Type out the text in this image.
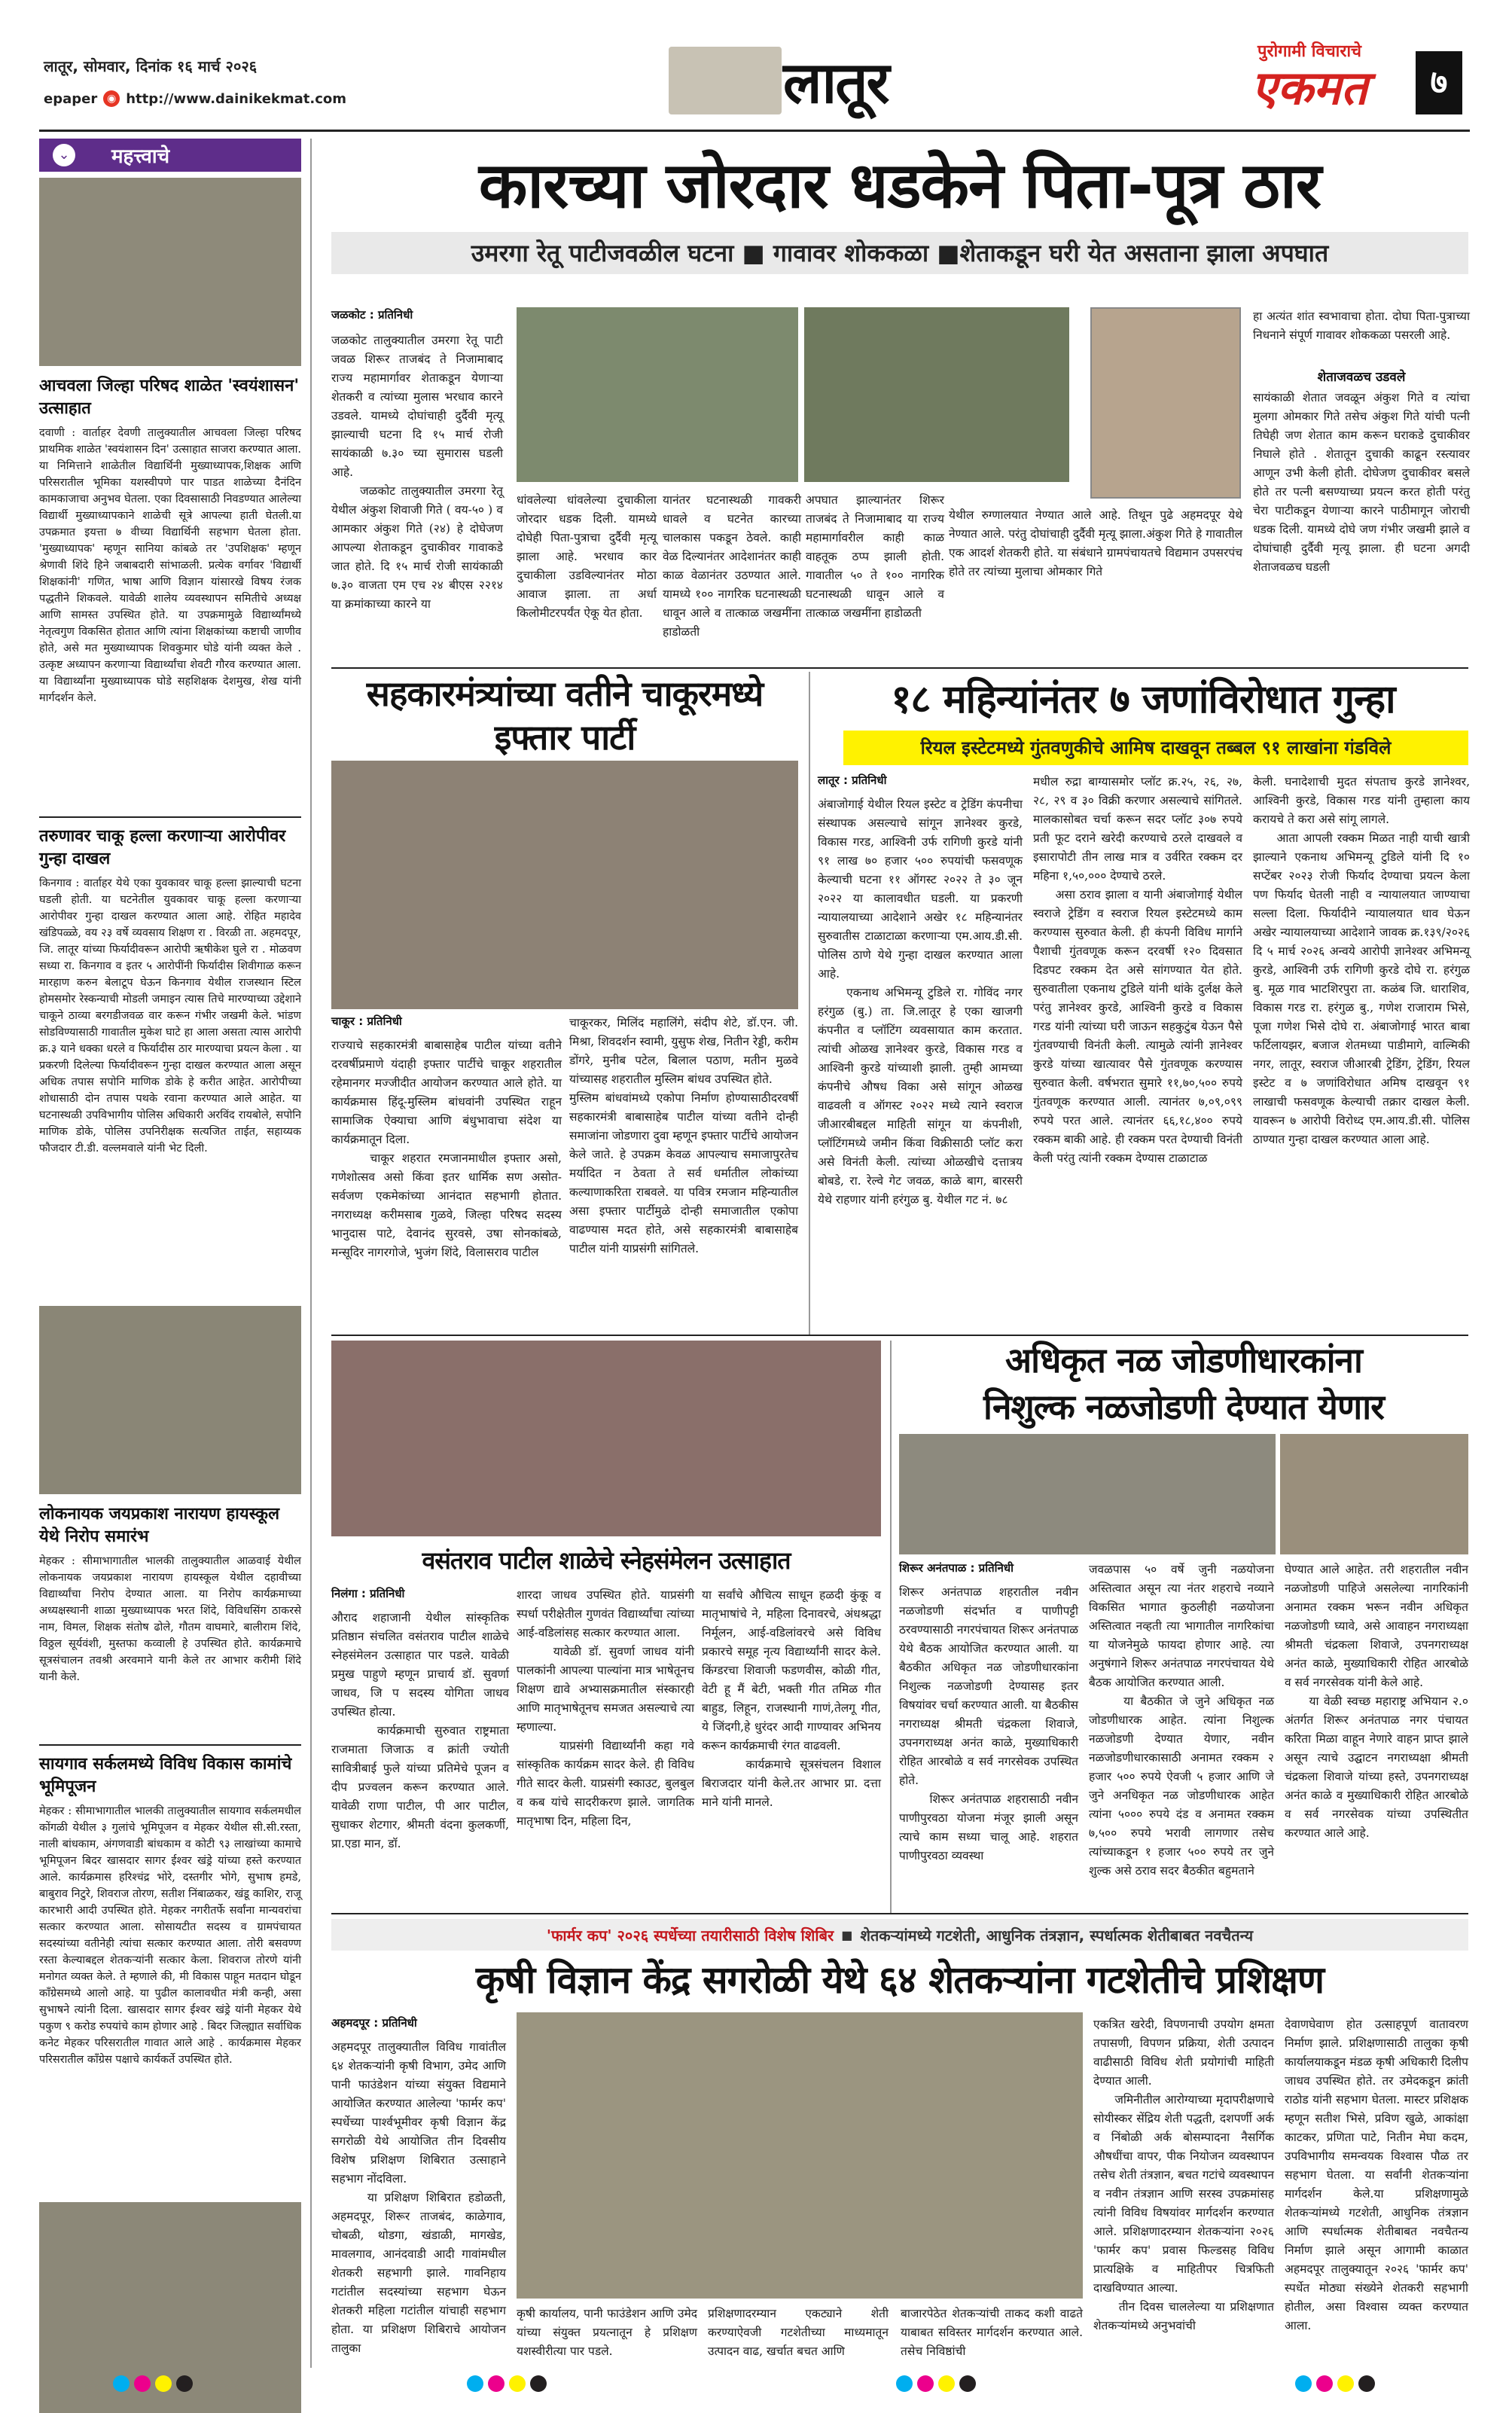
लातूर, सोमवार, दिनांक १६ मार्च २०२६
epaper ◉ http://www.dainikekmat.com	लातूर	पुरोगामी विचाराचे
एकमत	७
⌄ महत्त्वाचे
आचवला जिल्हा परिषद शाळेत 'स्वयंशासन' उत्साहात
दवाणी : वार्ताहर देवणी तालुक्यातील आचवला जिल्हा परिषद प्राथमिक शाळेत 'स्वयंशासन दिन' उत्साहात साजरा करण्यात आला. या निमित्ताने शाळेतील विद्यार्थिनी मुख्याध्यापक,शिक्षक आणि परिसरातील भूमिका यशस्वीपणे पार पाडत शाळेच्या दैनंदिन कामकाजाचा अनुभव घेतला. एका दिवसासाठी निवडण्यात आलेल्या विद्यार्थी मुख्याध्यापकाने शाळेची सूत्रे आपल्या हाती घेतली.या उपक्रमात इयत्ता ७ वीच्या विद्यार्थिनी सहभाग घेतला होता. 'मुख्याध्यापक' म्हणून सानिया कांबळे तर 'उपशिक्षक' म्हणून श्रेणावी शिंदे हिने जबाबदारी सांभाळली. प्रत्येक वर्गावर 'विद्यार्थी शिक्षकांनी' गणित, भाषा आणि विज्ञान यांसारखे विषय रंजक पद्धतीने शिकवले. यावेळी शालेय व्यवस्थापन समितीचे अध्यक्ष आणि सामस्त उपस्थित होते. या उपक्रमामुळे विद्यार्थ्यांमध्ये नेतृत्वगुण विकसित होतात आणि त्यांना शिक्षकांच्या कष्टाची जाणीव होते, असे मत मुख्याध्यापक शिवकुमार घोडे यांनी व्यक्त केले . उत्कृष्ट अध्यापन करणाऱ्या विद्यार्थ्यांचा शेवटी गौरव करण्यात आला. या विद्यार्थ्यांना मुख्याध्यापक घोडे सहशिक्षक देशमुख, शेख यांनी मार्गदर्शन केले.
तरुणावर चाकू हल्ला करणाऱ्या आरोपीवर गुन्हा दाखल
किनगाव : वार्ताहर येथे एका युवकावर चाकू हल्ला झाल्याची घटना घडली होती. या घटनेतील युवकावर चाकू हल्ला करणाऱ्या आरोपीवर गुन्हा दाखल करण्यात आला आहे. रोहित महादेव खंडिपळ्ळे, वय २३ वर्षे व्यवसाय शिक्षण रा . विरळी ता. अहमदपूर, जि. लातूर यांच्या फिर्यादीवरून आरोपी ऋषीकेश घुले रा . मोळवण सध्या रा. किनगाव व इतर ५ आरोपींनी फिर्यादीस शिवीगाळ करून मारहाण करुन बेलाटूप घेऊन किनगाव येथील राजस्थान स्टिल होमसमोर रेस्कन्याची मोडली जमाइन त्यास तिचे मारण्याच्या उद्देशाने चाकूने ठाव्या बरगडीजवळ वार करून गंभीर जखमी केले. भांडण सोडविण्यासाठी गावातील मुकेश घाटे हा आला असता त्यास आरोपी क्र.३ याने धक्का धरले व फिर्यादीस ठार मारण्याचा प्रयत्न केला . या प्रकरणी दिलेल्या फिर्यादीवरून गुन्हा दाखल करण्यात आला असून अधिक तपास सपोनि माणिक डोके हे करीत आहेत. आरोपीच्या शोधासाठी दोन तपास पथके रवाना करण्यात आले आहेत. या घटनास्थळी उपविभागीय पोलिस अधिकारी अरविंद रायबोले, सपोनि माणिक डोके, पोलिस उपनिरीक्षक सत्यजित ताईत, सहाय्यक फौजदार टी.डी. वल्लमवाले यांनी भेट दिली.
लोकनायक जयप्रकाश नारायण हायस्कूल येथे निरोप समारंभ
मेहकर : सीमाभागातील भालकी तालुक्यातील आळवाई येथील लोकनायक जयप्रकाश नारायण हायस्कूल येथील दहावीच्या विद्यार्थ्यांचा निरोप देण्यात आला. या निरोप कार्यक्रमाच्या अध्यक्षस्थानी शाळा मुख्याध्यापक भरत शिंदे, विविधसिंग ठाकरसे नाम, विमल, शिक्षक संतोष ढोले, गौतम वाघमारे, बालीराम शिंदे, विठ्ठल सूर्यवंशी, मुस्तफा कव्वाली हे उपस्थित होते. कार्यक्रमाचे सूत्रसंचालन तवश्री अरवमाने यानी केले तर आभार करीमी शिंदे यानी केले.
सायगाव सर्कलमध्ये विविध विकास कामांचे भूमिपूजन
मेहकर : सीमाभागातील भालकी तालुक्यातील सायगाव सर्कलमधील कोंगळी येथील ३ गुलांचे भूमिपूजन व मेहकर येथील सी.सी.रस्ता, नाली बांधकाम, अंगणवाडी बांधकाम व कोटी ९३ लाखांच्या कामाचे भूमिपूजन बिदर खासदार सागर ईश्वर खंड्रे यांच्या हस्ते करण्यात आले. कार्यक्रमास हरिश्चंद्र भोरे, दस्तगीर भोगे, सुभाष हमडे, बाबुराव निटुरे, शिवराज तोरण, सतीश निंबाळकर, खंडू काशिर, राजू कारभारी आदी उपस्थित होते. मेहकर नगरीतर्फे सर्वांना मान्यवरांचा सत्कार करण्यात आला. सोसायटीत सदस्य व ग्रामपंचायत सदस्यांच्या वतीनेही त्यांचा सत्कार करण्यात आला. तोरी बसवण्ण रस्ता केल्याबद्दल शेतकऱ्यांनी सत्कार केला. शिवराज तोरणे यांनी मनोगत व्यक्त केले. ते म्हणाले की, मी विकास पाहून मतदान घोडून काँग्रेसमध्ये आलो आहे. या पुढील कालावधीत मंत्री कन्ही, असा सुभाषने त्यांनी दिला. खासदार सागर ईश्वर खंड्रे यांनी मेहकर येथे पकुण ९ करोड रुपयांचे काम होणार आहे . बिदर जिल्ह्यात सर्वाधिक कनेट मेहकर परिसरातील गावात आले आहे . कार्यक्रमास मेहकर परिसरातील काँग्रेस पक्षाचे कार्यकर्ते उपस्थित होते.
कारच्या जोरदार धडकेने पिता-पूत्र ठार
उमरगा रेतू पाटीजवळील घटना ■ गावावर शोककळा ■शेताकडून घरी येत असताना झाला अपघात
जळकोट : प्रतिनिधी
जळकोट तालुक्यातील उमरगा रेतू पाटी जवळ शिरूर ताजबंद ते निजामाबाद राज्य महामार्गावर शेताकडून येणाऱ्या शेतकरी व त्यांच्या मुलास भरधाव कारने उडवले. यामध्ये दोघांचाही दुर्दैवी मृत्यू झाल्याची घटना दि १५ मार्च रोजी सायंकाळी ७.३० च्या सुमारास घडली आहे.
जळकोट तालुक्यातील उमरगा रेतू येथील अंकुश शिवाजी गिते ( वय-५० ) व आमकार अंकुश गिते (२४) हे दोघेजण आपल्या शेताकडून दुचाकीवर गावाकडे जात होते. दि १५ मार्च रोजी सायंकाळी ७.३० वाजता एम एच २४ बीएस २२१४ या क्रमांकाच्या कारने या
धांवलेल्या धांवलेल्या दुचाकीला जोरदार धडक दिली. यामध्ये दोघेही पिता-पुत्राचा दुर्दैवी मृत्यू झाला आहे. भरधाव कार दुचाकीला उडविल्यानंतर मोठा आवाज झाला. ता अर्धा किलोमीटरपर्यंत ऐकू येत होता.
यानंतर घटनास्थळी गावकरी धावले व घटनेत कारच्या चालकास पकडून ठेवले. काही वेळ दिल्यानंतर आदेशानंतर काही काळ वेळानंतर उठण्यात आले. यामध्ये १०० नागरिक घटनास्थळी धावून आले व तात्काळ जखमींना हाडोळती
अपघात झाल्यानंतर शिरूर ताजबंद ते निजामाबाद या राज्य महामार्गावरील काही काळ वाहतूक ठप्प झाली होती. गावातील ५० ते १०० नागरिक घटनास्थळी धावून आले व तात्काळ जखमींना हाडोळती
येथील रुग्णालयात नेण्यात आले आहे. तिथून पुढे अहमदपूर येथे नेण्यात आले. परंतु दोघांचाही दुर्दैवी मृत्यू झाला.अंकुश गिते हे गावातील एक आदर्श शेतकरी होते. या संबंधाने ग्रामपंचायतचे विद्यमान उपसरपंच होते तर त्यांच्या मुलाचा ओमकार गिते
हा अत्यंत शांत स्वभावाचा होता. दोघा पिता-पुत्राच्या निधनाने संपूर्ण गावावर शोककळा पसरली आहे.
शेताजवळच उडवले
सायंकाळी शेतात जवळून अंकुश गिते व त्यांचा मुलगा ओमकार गिते तसेच अंकुश गिते यांची पत्नी तिघेही जण शेतात काम करून घराकडे दुचाकीवर निघाले होते . शेतातून दुचाकी काढून रस्त्यावर आणून उभी केली होती. दोघेजण दुचाकीवर बसले होते तर पत्नी बसण्याच्या प्रयत्न करत होती परंतु चेरा पाटीकडून येणाऱ्या कारने पाठीमागून जोराची धडक दिली. यामध्ये दोघे जण गंभीर जखमी झाले व दोघांचाही दुर्दैवी मृत्यू झाला. ही घटना अगदी शेताजवळच घडली
सहकारमंत्र्यांच्या वतीने चाकूरमध्ये इफ्तार पार्टी
चाकूर : प्रतिनिधी
राज्याचे सहकारमंत्री बाबासाहेब पाटील यांच्या वतीने दरवर्षीप्रमाणे यंदाही इफ्तार पार्टीचे चाकूर शहरातील रहेमानगर मज्जीदीत आयोजन करण्यात आले होते. या कार्यक्रमास हिंदू-मुस्लिम बांधवांनी उपस्थित राहून सामाजिक ऐक्याचा आणि बंधुभावाचा संदेश या कार्यक्रमातून दिला.
चाकूर शहरात रमजानमाधील इफ्तार असो, गणेशोत्सव असो किंवा इतर धार्मिक सण असोत-सर्वजण एकमेकांच्या आनंदात सहभागी होतात. नगराध्यक्ष करीमसाब गुळवे, जिल्हा परिषद सदस्य भानुदास पाटे, देवानंद सुरवसे, उषा सोनकांबळे, मन्सूदिर नागरगोजे, भुजंग शिंदे, विलासराव पाटील
चाकूरकर, मिलिंद महालिंगे, संदीप शेटे, डॉ.एन. जी. मिश्रा, शिवदर्शन स्वामी, युसुफ शेख, नितीन रेड्डी, करीम डोंगरे, मुनीब पटेल, बिलाल पठाण, मतीन मुळवे यांच्यासह शहरातील मुस्लिम बांधव उपस्थित होते.
मुस्लिम बांधवांमध्ये एकोपा निर्माण होण्यासाठीदरवर्षी सहकारमंत्री बाबासाहेब पाटील यांच्या वतीने दोन्ही समाजांना जोडणारा दुवा म्हणून इफ्तार पार्टीचे आयोजन केले जाते. हे उपक्रम केवळ आपल्याच समाजापुरतेच मर्यादित न ठेवता ते सर्व धर्मातील लोकांच्या कल्याणाकरिता राबवले. या पवित्र रमजान महिन्यातील असा इफ्तार पार्टीमुळे दोन्ही समाजातील एकोपा वाढण्यास मदत होते, असे सहकारमंत्री बाबासाहेब पाटील यांनी याप्रसंगी सांगितले.
१८ महिन्यांनंतर ७ जणांविरोधात गुन्हा
रियल इस्टेटमध्ये गुंतवणुकीचे आमिष दाखवून तब्बल ९१ लाखांना गंडविले
लातूर : प्रतिनिधी
अंबाजोगाई येथील रियल इस्टेट व ट्रेडिंग कंपनीचा संस्थापक असल्याचे सांगून ज्ञानेश्वर कुरडे, विकास गरड, आश्विनी उर्फ रागिणी कुरडे यांनी ९१ लाख ७० हजार ५०० रुपयांची फसवणूक केल्याची घटना ११ ऑगस्ट २०२२ ते ३० जून २०२२ या कालावधीत घडली. या प्रकरणी न्यायालयाच्या आदेशाने अखेर १८ महिन्यानंतर सुरुवातीस टाळाटाळा करणाऱ्या एम.आय.डी.सी. पोलिस ठाणे येथे गुन्हा दाखल करण्यात आला आहे.
एकनाथ अभिमन्यू टुडिले रा. गोविंद नगर हरंगुळ (बु.) ता. जि.लातूर हे एका खाजगी कंपनीत व प्लॉटिंग व्यवसायात काम करतात. त्यांची ओळख ज्ञानेश्वर कुरडे, विकास गरड व आश्विनी कुरडे यांच्याशी झाली. तुम्ही आमच्या कंपनीचे औषध विका असे सांगून ओळख वाढवली व ऑगस्ट २०२२ मध्ये त्याने स्वराज जीआरबीबद्दल माहिती सांगून या कंपनीशी, प्लॉटिंगमध्ये जमीन किंवा विक्रीसाठी प्लॉट करा असे विनंती केली. त्यांच्या ओळखीचे दत्तात्रय बोबडे, रा. रेल्वे गेट जवळ, काळे बाग, बारसरी येथे राहणार यांनी हरंगुळ बु. येथील गट नं. ७८
मधील रुद्रा बाग्यासमोर प्लॉट क्र.२५, २६, २७, २८, २९ व ३० विक्री करणार असल्याचे सांगितले. मालकासोबत चर्चा करून सदर प्लॉट ३०७ रुपये प्रती फूट दराने खरेदी करण्याचे ठरले दाखवले व इसारापोटी तीन लाख मात्र व उर्वरित रक्कम दर महिना १,५०,००० देण्याचे ठरले.
असा ठराव झाला व यानी अंबाजोगाई येथील स्वराजे ट्रेडिंग व स्वराज रियल इस्टेटमध्ये काम करण्यास सुरुवात केली. ही कंपनी विविध मार्गाने पैशाची गुंतवणूक करून दरवर्षी १२० दिवसात दिडपट रक्कम देत असे सांगण्यात येत होते. सुरुवातीला एकनाथ टुडिले यांनी थांके दुर्लक्ष केले परंतु ज्ञानेश्वर कुरडे, आश्विनी कुरडे व विकास गरड यांनी त्यांच्या घरी जाऊन सहकुटुंब येऊन पैसे गुंतवण्याची विनंती केली. त्यामुळे त्यांनी ज्ञानेश्वर कुरडे यांच्या खात्यावर पैसे गुंतवणूक करण्यास सुरुवात केली. वर्षभरात सुमारे ११,७०,५०० रुपये गुंतवणूक करण्यात आली. त्यानंतर ७,०९,०९९ रुपये परत आले. त्यानंतर ६६,१८,४०० रुपये रक्कम बाकी आहे. ही रक्कम परत देण्याची विनंती केली परंतु त्यांनी रक्कम देण्यास टाळाटाळ
केली. घनादेशाची मुदत संपताच कुरडे ज्ञानेश्वर, आश्विनी कुरडे, विकास गरड यांनी तुम्हाला काय करायचे ते करा असे सांगू लागले.
आता आपली रक्कम मिळत नाही याची खात्री झाल्याने एकनाथ अभिमन्यू टुडिले यांनी दि १० सप्टेंबर २०२३ रोजी फिर्याद देण्याचा प्रयत्न केला पण फिर्याद घेतली नाही व न्यायालयात जाण्याचा सल्ला दिला. फिर्यादीने न्यायालयात धाव घेऊन अखेर न्यायालयाच्या आदेशाने जावक क्र.१३९/२०२६ दि ५ मार्च २०२६ अन्वये आरोपी ज्ञानेश्वर अभिमन्यू कुरडे, आश्विनी उर्फ रागिणी कुरडे दोघे रा. हरंगुळ बु. मूळ गाव भाटशिरपुरा ता. कळंब जि. धाराशिव, विकास गरड रा. हरंगुळ बु., गणेश राजाराम भिसे, पूजा गणेश भिसे दोघे रा. अंबाजोगाई भारत बाबा फर्टिलायझर, बजाज शेतमध्या पाडीमागे, वाल्मिकी नगर, लातूर, स्वराज जीआरबी ट्रेडिंग, ट्रेडिंग, रियल इस्टेट व ७ जणांविरोधात अमिष दाखवून ९१ लाखाची फसवणूक केल्याची तक्रार दाखल केली. यावरून ७ आरोपी विरोध्द एम.आय.डी.सी. पोलिस ठाण्यात गुन्हा दाखल करण्यात आला आहे.
वसंतराव पाटील शाळेचे स्नेहसंमेलन उत्साहात
निलंगा : प्रतिनिधी
औराद शहाजानी येथील सांस्कृतिक प्रतिष्ठान संचलित वसंतराव पाटील शाळेचे स्नेहसंमेलन उत्साहात पार पडले. यावेळी प्रमुख पाहुणे म्हणून प्राचार्य डॉ. सुवर्णा जाधव, जि प सदस्य योगिता जाधव उपस्थित होत्या.
कार्यक्रमाची सुरुवात राष्ट्रमाता राजमाता जिजाऊ व क्रांती ज्योती सावित्रीबाई फुले यांच्या प्रतिमेचे पूजन व दीप प्रज्वलन करून करण्यात आले. यावेळी राणा पाटील, पी आर पाटील, सुधाकर शेटगार, श्रीमती वंदना कुलकर्णी, प्रा.एडा मान, डॉ.
शारदा जाधव उपस्थित होते. याप्रसंगी स्पर्धा परीक्षेतील गुणवंत विद्यार्थ्यांचा त्यांच्या आई-वडिलांसह सत्कार करण्यात आला.
यावेळी डॉ. सुवर्णा जाधव यांनी पालकांनी आपल्या पाल्यांना मात्र भाषेतूनच शिक्षण द्यावे अभ्यासक्रमातील संस्कारही आणि मातृभाषेतूनच समजत असल्याचे त्या म्हणाल्या.
याप्रसंगी विद्यार्थ्यांनी कहा गवे सांस्कृतिक कार्यक्रम सादर केले. ही विविध गीते सादर केली. याप्रसंगी स्काउट, बुलबुल व कब यांचे सादरीकरण झाले. जागतिक मातृभाषा दिन, महिला दिन,
या सर्वांचे औचित्य साधून हळदी कुंकू व मातृभाषांचे ने, महिला दिनावरचे, अंधश्रद्धा निर्मूलन, आई-वडिलांवरचे असे विविध प्रकारचे समूह नृत्य विद्यार्थ्यांनी सादर केले. किंग्डरचा शिवाजी फडणवीस, कोळी गीत, वेटी हू मैं बेटी, भक्ती गीत तमिळ गीत बाहुड, लिहून, राजस्थानी गाणं,तेलगू गीत, ये जिंदगी,हे धुरंदर आदी गाण्यावर अभिनय करून कार्यक्रमाची रंगत वाढवली.
कार्यक्रमाचे सूत्रसंचलन विशाल बिराजदार यांनी केले.तर आभार प्रा. दत्ता माने यांनी मानले.
अधिकृत नळ जोडणीधारकांना
निशुल्क नळजोडणी देण्यात येणार
शिरूर अनंतपाळ : प्रतिनिधी
शिरूर अनंतपाळ शहरातील नवीन नळजोडणी संदर्भात व पाणीपट्टी ठरवण्यासाठी नगरपंचायत शिरूर अनंतपाळ येथे बैठक आयोजित करण्यात आली. या बैठकीत अधिकृत नळ जोडणीधारकांना निशुल्क नळजोडणी देण्यासह इतर विषयांवर चर्चा करण्यात आली. या बैठकीस नगराध्यक्ष श्रीमती चंद्रकला शिवाजे, उपनगराध्यक्ष अनंत काळे, मुख्याधिकारी रोहित आरबोळे व सर्व नगरसेवक उपस्थित होते.
शिरूर अनंतपाळ शहरासाठी नवीन पाणीपुरवठा योजना मंजूर झाली असून त्याचे काम सध्या चालू आहे. शहरात पाणीपुरवठा व्यवस्था
जवळपास ५० वर्षे जुनी नळयोजना अस्तित्वात असून त्या नंतर शहराचे नव्याने विकसित भागात कुठलीही नळयोजना अस्तित्वात नव्हती त्या भागातील नागरिकांचा या योजनेमुळे फायदा होणार आहे. त्या अनुषंगाने शिरूर अनंतपाळ नगरपंचायत येथे बैठक आयोजित करण्यात आली.
या बैठकीत जे जुने अधिकृत नळ जोडणीधारक आहेत. त्यांना निशुल्क नळजोडणी देण्यात येणार, नवीन नळजोडणीधारकासाठी अनामत रक्कम २ हजार ५०० रुपये ऐवजी ५ हजार आणि जे जुने अनधिकृत नळ जोडणीधारक आहेत त्यांना ५००० रुपये दंड व अनामत रक्कम ७,५०० रुपये भरावी लागणार तसेच त्यांच्याकडून १ हजार ५०० रुपये तर जुने शुल्क असे ठराव सदर बैठकीत बहुमताने
घेण्यात आले आहेत. तरी शहरातील नवीन नळजोडणी पाहिजे असलेल्या नागरिकांनी अनामत रक्कम भरून नवीन अधिकृत नळजोडणी घ्यावे, असे आवाहन नगराध्यक्षा श्रीमती चंद्रकला शिवाजे, उपनगराध्यक्ष अनंत काळे, मुख्याधिकारी रोहित आरबोळे व सर्व नगरसेवक यांनी केले आहे.
या वेळी स्वच्छ महाराष्ट्र अभियान २.० अंतर्गत शिरूर अनंतपाळ नगर पंचायत करिता मिळा वाहून नेणारे वाहन प्राप्त झाले असून त्याचे उद्घाटन नगराध्यक्षा श्रीमती चंद्रकला शिवाजे यांच्या हस्ते, उपनगराध्यक्ष अनंत काळे व मुख्याधिकारी रोहित आरबोळे व सर्व नगरसेवक यांच्या उपस्थितीत करण्यात आले आहे.
'फार्मर कप' २०२६ स्पर्धेच्या तयारीसाठी विशेष शिबिर ■ शेतकऱ्यांमध्ये गटशेती, आधुनिक तंत्रज्ञान, स्पर्धात्मक शेतीबाबत नवचैतन्य
कृषी विज्ञान केंद्र सगरोळी येथे ६४ शेतकऱ्यांना गटशेतीचे प्रशिक्षण
अहमदपूर : प्रतिनिधी
अहमदपूर तालुक्यातील विविध गावांतील ६४ शेतकऱ्यांनी कृषी विभाग, उमेद आणि पानी फाउंडेशन यांच्या संयुक्त विद्यमाने आयोजित करण्यात आलेल्या 'फार्मर कप' स्पर्धेच्या पार्श्वभूमीवर कृषी विज्ञान केंद्र सगरोळी येथे आयोजित तीन दिवसीय विशेष प्रशिक्षण शिबिरात उत्साहाने सहभाग नोंदविला.
या प्रशिक्षण शिबिरात हडोळती, अहमदपूर, शिरूर ताजबंद, काळेगाव, चोबळी, थोडगा, खंडाळी, मागखेड, मावलगाव, आनंदवाडी आदी गावांमधील शेतकरी सहभागी झाले. गावनिहाय गटांतील सदस्यांच्या सहभाग घेऊन शेतकरी महिला गटांतील यांचाही सहभाग होता. या प्रशिक्षण शिबिराचे आयोजन तालुका
कृषी कार्यालय, पानी फाउंडेशन आणि उमेद यांच्या संयुक्त प्रयत्नातून हे प्रशिक्षण यशस्वीरीत्या पार पडले.
प्रशिक्षणादरम्यान एकट्याने शेती करण्याऐवजी गटशेतीच्या माध्यमातून उत्पादन वाढ, खर्चात बचत आणि
बाजारपेठेत शेतकऱ्यांची ताकद कशी वाढते याबाबत सविस्तर मार्गदर्शन करण्यात आले. तसेच निविष्ठांची
एकत्रित खरेदी, विपणनाची उपयोग क्षमता तपासणी, विपणन प्रक्रिया, शेती उत्पादन वाढीसाठी विविध शेती प्रयोगांची माहिती देण्यात आली.
जमिनीतील आरोग्याच्या मृदापरीक्षणाचे सोयीस्कर सेंद्रिय शेती पद्धती, दशपर्णी अर्क व निंबोळी अर्क बोसम्पादना नैसर्गिक औषधींचा वापर, पीक नियोजन व्यवस्थापन तसेच शेती तंत्रज्ञान, बचत गटांचे व्यवस्थापन व नवीन तंत्रज्ञान आणि सरस्व उपक्रमांसह त्यांनी विविध विषयांवर मार्गदर्शन करण्यात आले. प्रशिक्षणादरम्यान शेतकऱ्यांना २०२६ 'फार्मर कप' प्रवास फिल्डसह विविध प्रात्यक्षिके व माहितीपर चित्रफिती दाखविण्यात आल्या.
तीन दिवस चाललेल्या या प्रशिक्षणात शेतकऱ्यांमध्ये अनुभवांची
देवाणघेवाण होत उत्साहपूर्ण वातावरण निर्माण झाले. प्रशिक्षणासाठी तालुका कृषी कार्यालयाकडून मंडळ कृषी अधिकारी दिलीप जाधव उपस्थित होते. तर उमेदकडून क्रांती राठोड यांनी सहभाग घेतला. मास्टर प्रशिक्षक म्हणून सतीश भिसे, प्रविण खुळे, आकांक्षा काटकर, प्रणिता पाटे, नितीन मेघा कदम, उपविभागीय समन्वयक विश्वास पौळ तर सहभाग घेतला. या सर्वांनी शेतकऱ्यांना मार्गदर्शन केले.या प्रशिक्षणामुळे शेतकऱ्यांमध्ये गटशेती, आधुनिक तंत्रज्ञान आणि स्पर्धात्मक शेतीबाबत नवचैतन्य निर्माण झाले असून आगामी काळात अहमदपूर तालुक्यातून २०२६ 'फार्मर कप' स्पर्धेत मोठ्या संख्येने शेतकरी सहभागी होतील, असा विश्वास व्यक्त करण्यात आला.
